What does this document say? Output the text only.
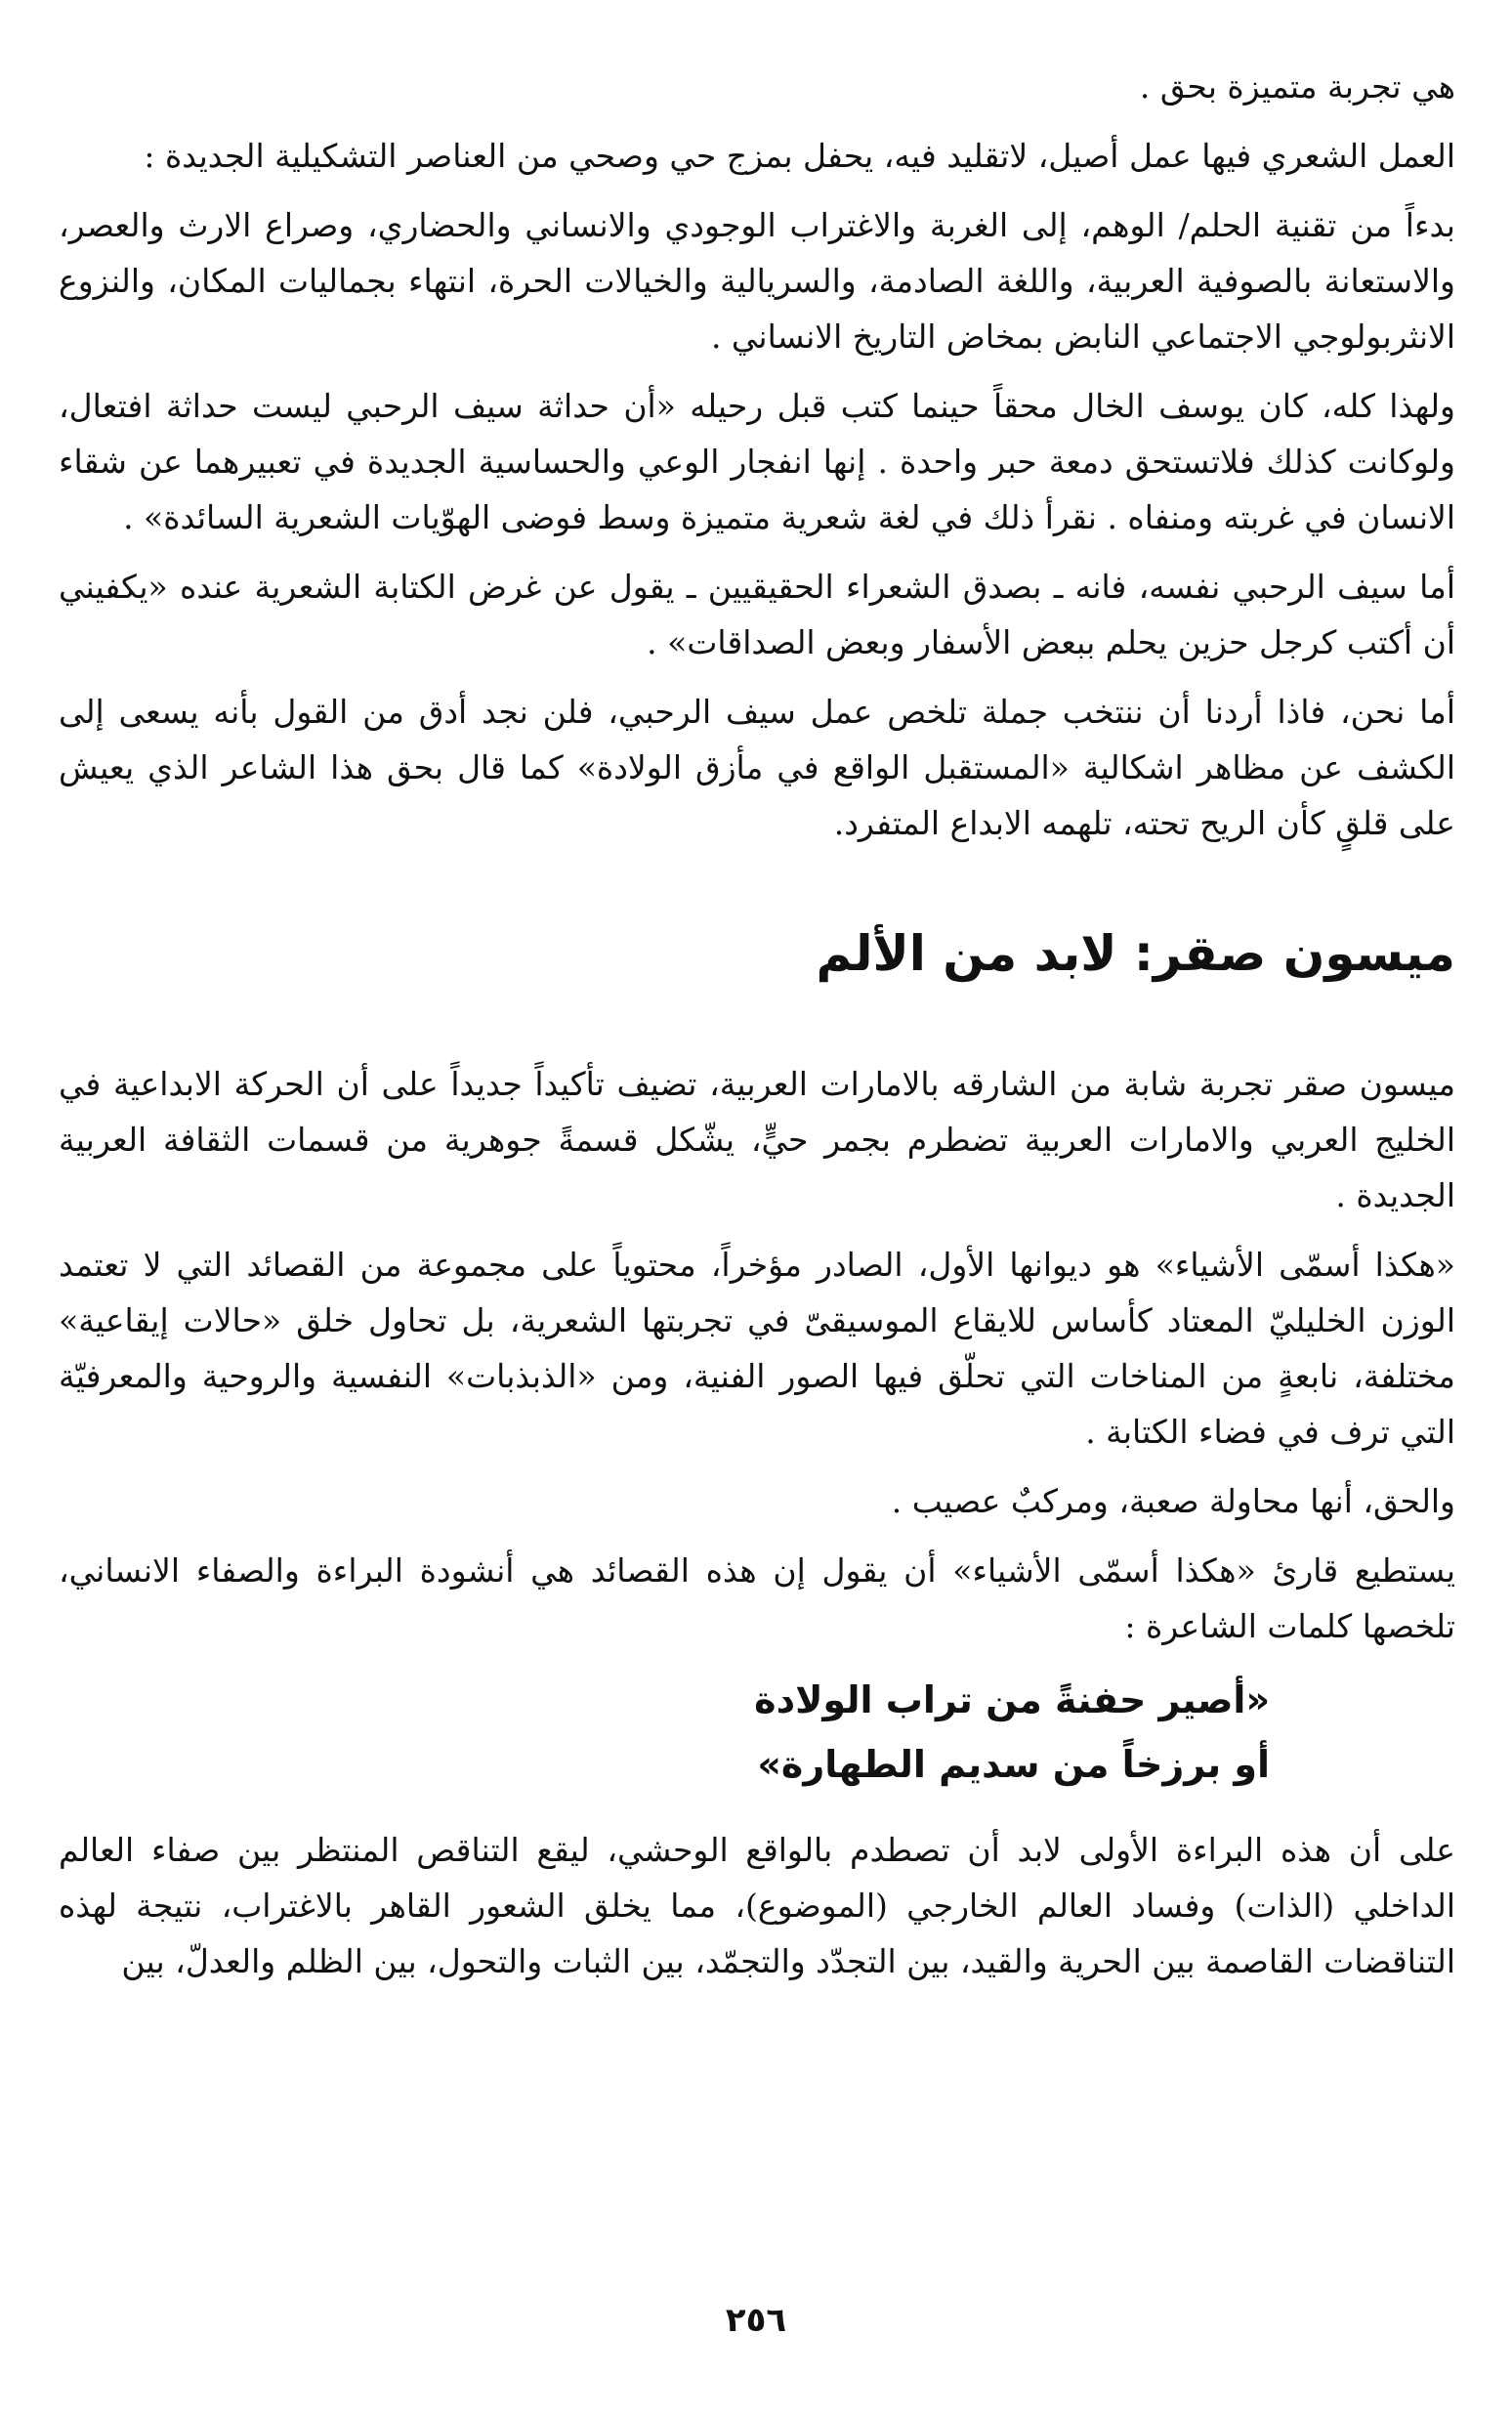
هي تجربة متميزة بحق .

العمل الشعري فيها عمل أصيل، لاتقليد فيه، يحفل بمزج حي وصحي من العناصر التشكيلية الجديدة :

بدءاً من تقنية الحلم/ الوهم، إلى الغربة والاغتراب الوجودي والانساني والحضاري، وصراع الارث والعصر، والاستعانة بالصوفية العربية، واللغة الصادمة، والسريالية والخيالات الحرة، انتهاء بجماليات المكان، والنزوع الانثربولوجي الاجتماعي النابض بمخاض التاريخ الانساني .

ولهذا كله، كان يوسف الخال محقاً حينما كتب قبل رحيله «أن حداثة سيف الرحبي ليست حداثة افتعال، ولوكانت كذلك فلاتستحق دمعة حبر واحدة . إنها انفجار الوعي والحساسية الجديدة في تعبيرهما عن شقاء الانسان في غربته ومنفاه . نقرأ ذلك في لغة شعرية متميزة وسط فوضى الهوّيات الشعرية السائدة» .

أما سيف الرحبي نفسه، فانه ـ بصدق الشعراء الحقيقيين ـ يقول عن غرض الكتابة الشعرية عنده «يكفيني أن أكتب كرجل حزين يحلم ببعض الأسفار وبعض الصداقات» .

أما نحن، فاذا أردنا أن ننتخب جملة تلخص عمل سيف الرحبي، فلن نجد أدق من القول بأنه يسعى إلى الكشف عن مظاهر اشكالية «المستقبل الواقع في مأزق الولادة» كما قال بحق هذا الشاعر الذي يعيش على قلقٍ كأن الريح تحته، تلهمه الابداع المتفرد.

ميسون صقر: لابد من الألم

ميسون صقر تجربة شابة من الشارقه بالامارات العربية، تضيف تأكيداً جديداً على أن الحركة الابداعية في الخليج العربي والامارات العربية تضطرم بجمر حيٍّ، يشّكل قسمةً جوهرية من قسمات الثقافة العربية الجديدة .

«هكذا أسمّى الأشياء» هو ديوانها الأول، الصادر مؤخراً، محتوياً على مجموعة من القصائد التي لا تعتمد الوزن الخليليّ المعتاد كأساس للايقاع الموسيقىّ في تجربتها الشعرية، بل تحاول خلق «حالات إيقاعية» مختلفة، نابعةٍ من المناخات التي تحلّق فيها الصور الفنية، ومن «الذبذبات» النفسية والروحية والمعرفيّة التي ترف في فضاء الكتابة .

والحق، أنها محاولة صعبة، ومركبٌ عصيب .

يستطيع قارئ «هكذا أسمّى الأشياء» أن يقول إن هذه القصائد هي أنشودة البراءة والصفاء الانساني، تلخصها كلمات الشاعرة :

«أصير حفنةً من تراب الولادة
أو برزخاً من سديم الطهارة»

على أن هذه البراءة الأولى لابد أن تصطدم بالواقع الوحشي، ليقع التناقص المنتظر بين صفاء العالم الداخلي (الذات) وفساد العالم الخارجي (الموضوع)، مما يخلق الشعور القاهر بالاغتراب، نتيجة لهذه التناقضات القاصمة بين الحرية والقيد، بين التجدّد والتجمّد، بين الثبات والتحول، بين الظلم والعدلّ، بين

٢٥٦
